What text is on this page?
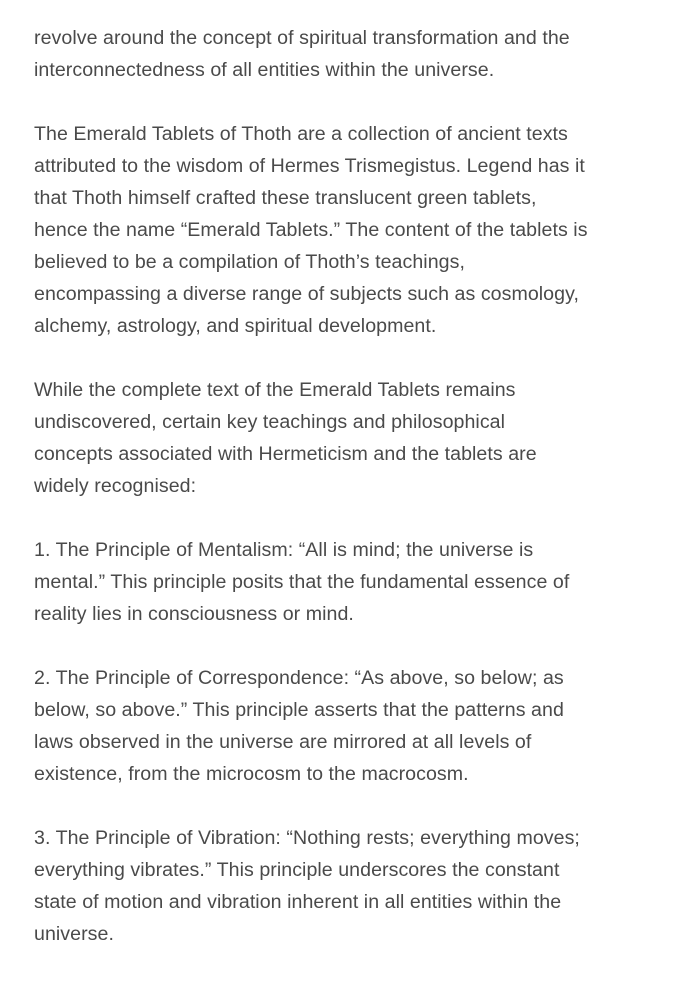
revolve around the concept of spiritual transformation and the
interconnectedness of all entities within the universe.

The Emerald Tablets of Thoth are a collection of ancient texts
attributed to the wisdom of Hermes Trismegistus. Legend has it
that Thoth himself crafted these translucent green tablets,
hence the name “Emerald Tablets.” The content of the tablets is
believed to be a compilation of Thoth’s teachings,
encompassing a diverse range of subjects such as cosmology,
alchemy, astrology, and spiritual development.

While the complete text of the Emerald Tablets remains
undiscovered, certain key teachings and philosophical
concepts associated with Hermeticism and the tablets are
widely recognised:

1. The Principle of Mentalism: “All is mind; the universe is
mental.” This principle posits that the fundamental essence of
reality lies in consciousness or mind.

2. The Principle of Correspondence: “As above, so below; as
below, so above.” This principle asserts that the patterns and
laws observed in the universe are mirrored at all levels of
existence, from the microcosm to the macrocosm.

3. The Principle of Vibration: “Nothing rests; everything moves;
everything vibrates.” This principle underscores the constant
state of motion and vibration inherent in all entities within the
universe.
